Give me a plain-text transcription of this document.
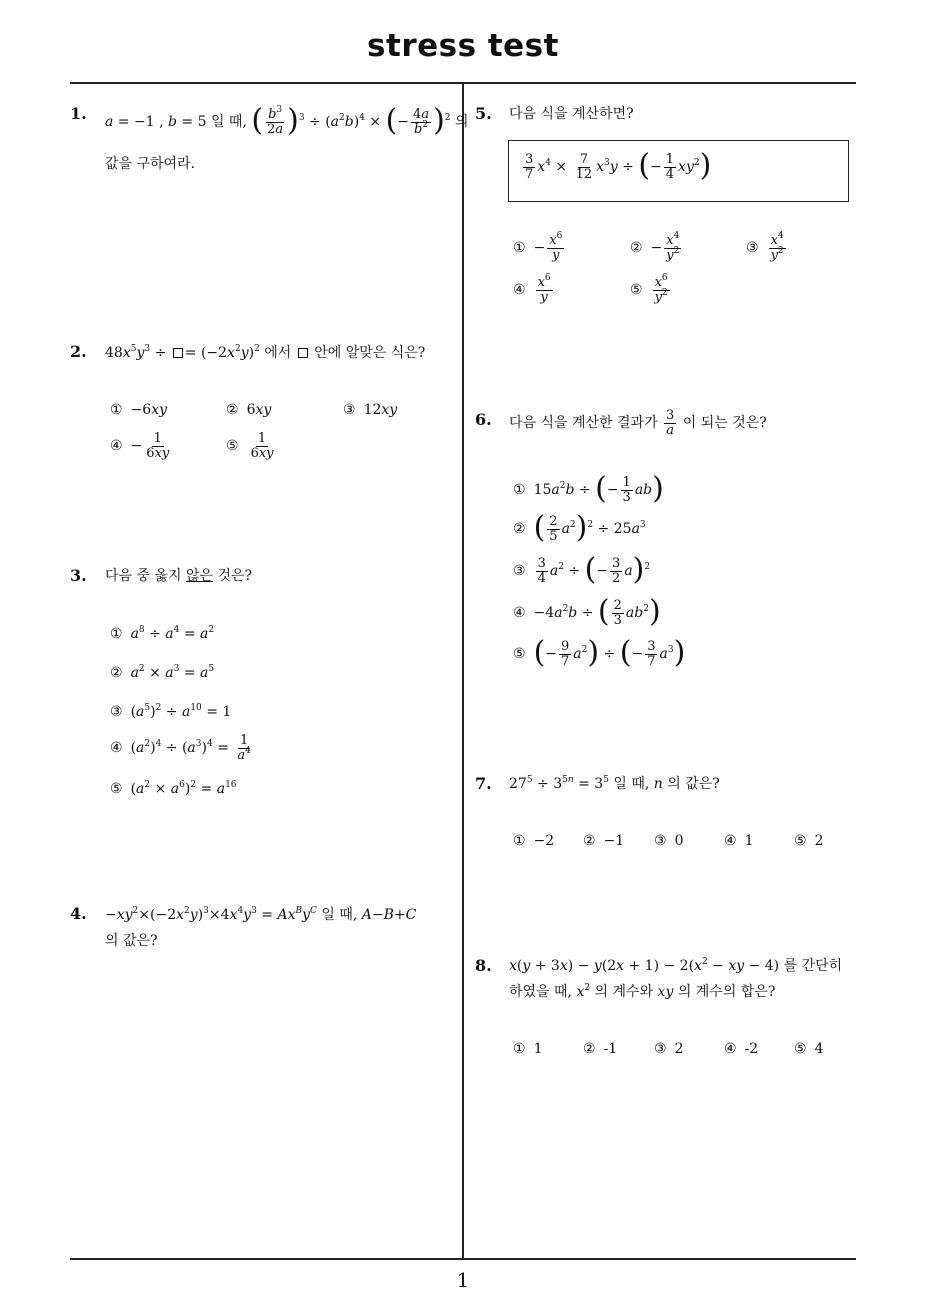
stress test
1
1. a = −1 , b = 5 일 때, ( $\frac{b^3}{2a} )^3 \div (a^2b)^4$ × (− $\frac{4a}{b^2} )^2$ 의
값을 구하여라.
2. $48x^5y^3$ ÷ = $(-2x^2y)^2$ 에서 안에 알맞은 식은?
① −6xy	② 6xy	③ 12xy
④ − $\frac{1}{6xy}$	⑤ $\frac{1}{6xy}$
3. 다음 중 옳지 않은 것은?
① $a^8 \div a^4 = a^2$
② $a^2 \times a^3 = a^5$
③ $(a^5)^2 \div a^{10} = 1$
④ $(a^2)^4 \div (a^3)^4 = \frac{1}{a^4}$
⑤ $(a^2 \times a^6)^2 = a^{16}$
4. $-xy^2\times(-2x^2y)^3\times 4x^4y^3 = Ax^By^C$ 일 때, A−B+C
의 값은?
5. 다음 식을 계산하면?
$\frac{3}{7} x^4 \times \frac{7}{12} x^3y$ ÷ (− $\frac{1}{4} xy^2$)
① − $\frac{x^6}{y}$	② − $\frac{x^4}{y^2}$	③ $\frac{x^4}{y^2}$
④ $\frac{x^6}{y}$	⑤ $\frac{x^6}{y^2}$
6. 다음 식을 계산한 결과가 $\frac{3}{a}$ 이 되는 것은?
① $15a^2b$ ÷ (− $\frac{1}{3} ab$)
② ( $\frac{2}{5} a^2)^2 \div 25a^3$
③ $\frac{3}{4} a^2$ ÷ (− $\frac{3}{2} a)^2$
④ $-4a^2b$ ÷ ( $\frac{2}{3} ab^2$)
⑤ (− $\frac{9}{7} a^2$) ÷ (− $\frac{3}{7} a^3$)
7. $27^5 \div 3^{5n} = 3^5$ 일 때, n 의 값은?
① −2 ② −1 ③ 0	④ 1	⑤ 2
8. $x(y + 3x) - y(2x + 1) - 2(x^2$ − xy − 4) 를 간단히
하였을 때, $x^2$ 의 계수와 xy 의 계수의 합은?
① 1	② -1	③ 2	④ -2	⑤ 4
